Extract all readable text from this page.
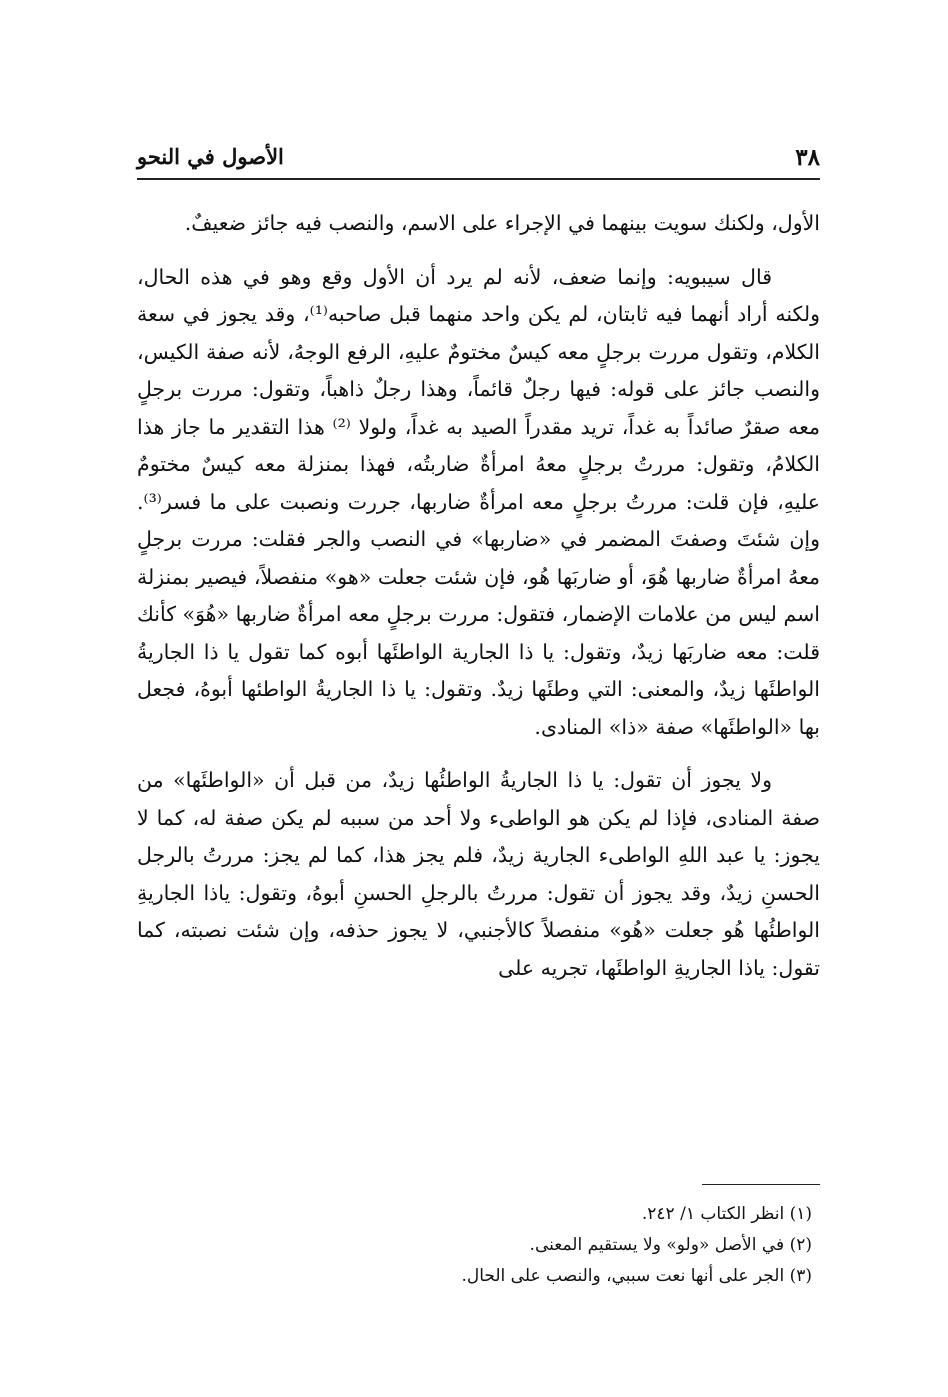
٣٨
الأصول في النحو

الأول، ولكنك سويت بينهما في الإجراء على الاسم، والنصب فيه جائز ضعيفٌ.

قال سيبويه: وإنما ضعف، لأنه لم يرد أن الأول وقع وهو في هذه الحال، ولكنه أراد أنهما فيه ثابتان، لم يكن واحد منهما قبل صاحبه⁽¹⁾، وقد يجوز في سعة الكلام، وتقول مررت برجلٍ معه كيسٌ مختومٌ عليهِ، الرفع الوجهُ، لأنه صفة الكيس، والنصب جائز على قوله: فيها رجلٌ قائماً، وهذا رجلٌ ذاهباً، وتقول: مررت برجلٍ معه صقرٌ صائداً به غداً، تريد مقدراً الصيد به غداً، ولولا ⁽²⁾ هذا التقدير ما جاز هذا الكلامُ، وتقول: مررتُ برجلٍ معهُ امرأةٌ ضاربتُه، فهذا بمنزلة معه كيسٌ مختومٌ عليهِ، فإن قلت: مررتُ برجلٍ معه امرأةٌ ضاربها، جررت ونصبت على ما فسر⁽³⁾. وإن شئتَ وصفتَ المضمر في «ضاربها» في النصب والجر فقلت: مررت برجلٍ معهُ امرأةٌ ضاربها هُوَ، أو ضاربَها هُو، فإن شئت جعلت «هو» منفصلاً، فيصير بمنزلة اسم ليس من علامات الإضمار، فتقول: مررت برجلٍ معه امرأةٌ ضاربها «هُوَ» كأنك قلت: معه ضاربَها زيدٌ، وتقول: يا ذا الجارية الواطئَها أبوه كما تقول يا ذا الجاريةُ الواطئَها زيدٌ، والمعنى: التي وطئَها زيدٌ. وتقول: يا ذا الجاريةُ الواطئها أبوهُ، فجعل بها «الواطئَها» صفة «ذا» المنادى.

ولا يجوز أن تقول: يا ذا الجاريةُ الواطئُها زيدٌ، من قبل أن «الواطئَها» من صفة المنادى، فإذا لم يكن هو الواطىء ولا أحد من سببه لم يكن صفة له، كما لا يجوز: يا عبد اللهِ الواطىء الجارية زيدٌ، فلم يجز هذا، كما لم يجز: مررتُ بالرجل الحسنِ زيدٌ، وقد يجوز أن تقول: مررتُ بالرجلِ الحسنِ أبوهُ، وتقول: ياذا الجاريةِ الواطئُها هُو جعلت «هُو» منفصلاً كالأجنبي، لا يجوز حذفه، وإن شئت نصبته، كما تقول: ياذا الجاريةِ الواطئَها، تجريه على

(١) انظر الكتاب ١/ ٢٤٢.

(٢) في الأصل «ولو» ولا يستقيم المعنى.

(٣) الجر على أنها نعت سببي، والنصب على الحال.
